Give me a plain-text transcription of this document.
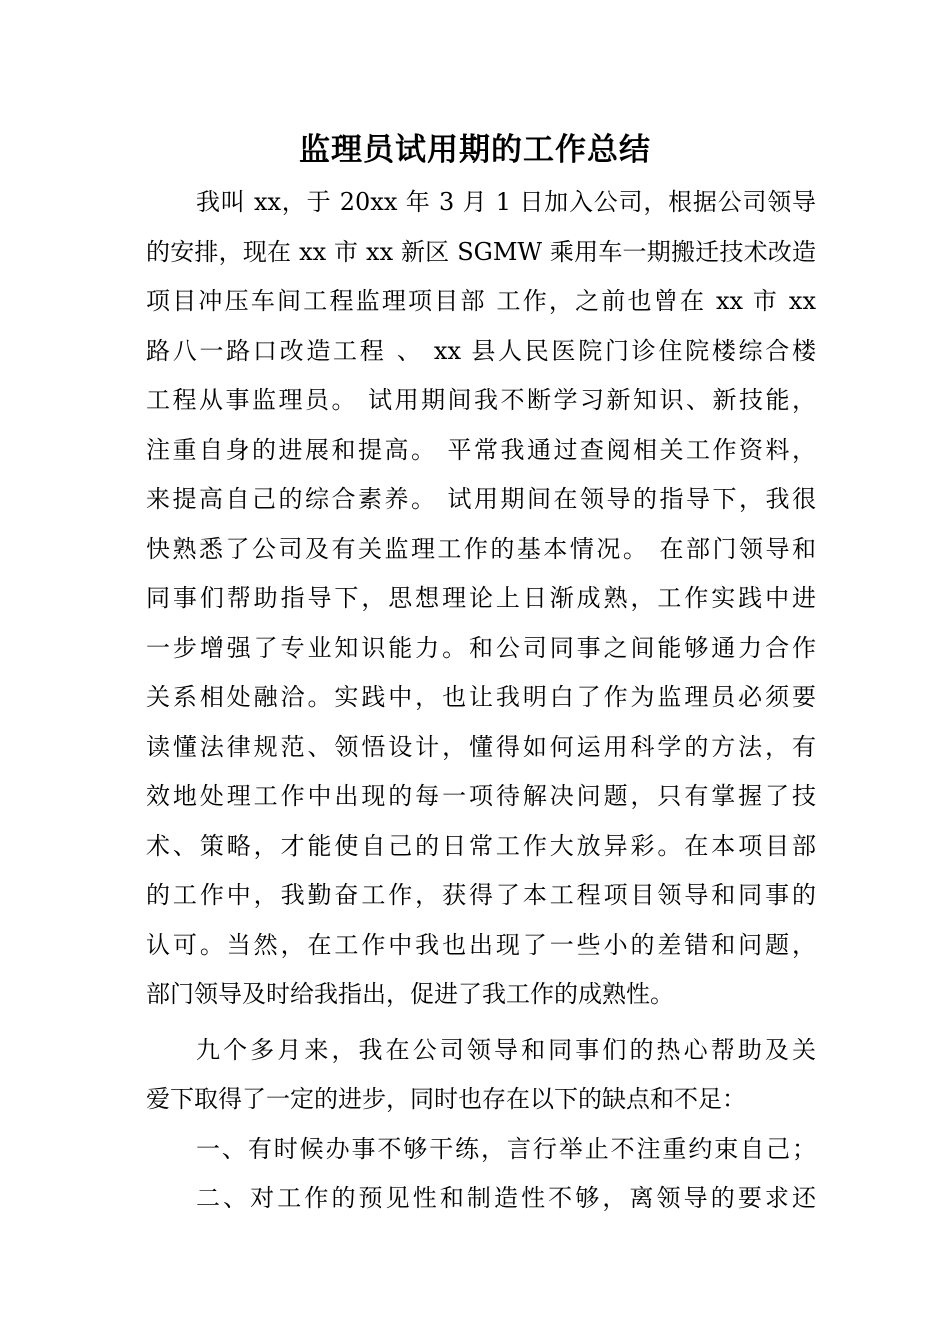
监理员试用期的工作总结
我叫 xx，于 20xx 年 3 月 1 日加入公司，根据公司领导
的安排，现在 xx 市 xx 新区 SGMW 乘用车一期搬迁技术改造
项目冲压车间工程监理项目部 工作，之前也曾在 xx 市 xx
路八一路口改造工程 、 xx 县人民医院门诊住院楼综合楼
工程从事监理员。 试用期间我不断学习新知识、新技能，
注重自身的进展和提高。 平常我通过查阅相关工作资料，
来提高自己的综合素养。 试用期间在领导的指导下，我很
快熟悉了公司及有关监理工作的基本情况。 在部门领导和
同事们帮助指导下，思想理论上日渐成熟，工作实践中进
一步增强了专业知识能力。和公司同事之间能够通力合作
关系相处融洽。实践中，也让我明白了作为监理员必须要
读懂法律规范、领悟设计，懂得如何运用科学的方法，有
效地处理工作中出现的每一项待解决问题，只有掌握了技
术、策略，才能使自己的日常工作大放异彩。在本项目部
的工作中，我勤奋工作，获得了本工程项目领导和同事的
认可。当然，在工作中我也出现了一些小的差错和问题，
部门领导及时给我指出，促进了我工作的成熟性。
九个多月来，我在公司领导和同事们的热心帮助及关
爱下取得了一定的进步，同时也存在以下的缺点和不足：
一、有时候办事不够干练，言行举止不注重约束自己；
二、对工作的预见性和制造性不够，离领导的要求还
